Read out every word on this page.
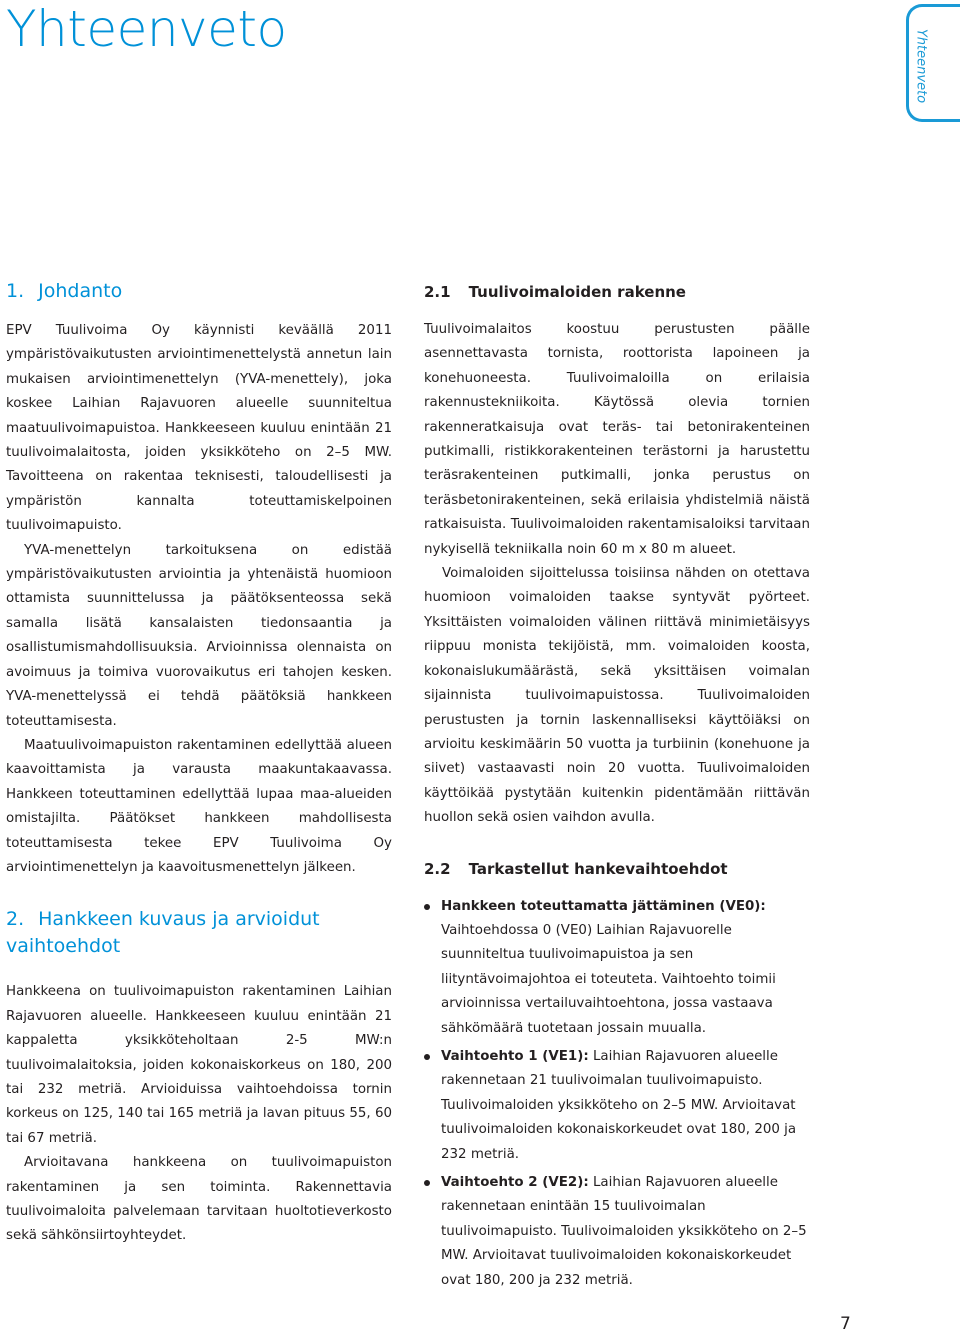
Yhteenveto	Yhteenveto
1. Johdanto

EPV Tuulivoima Oy käynnisti keväällä 2011 ympäristövaikutusten arviointimenettelystä annetun lain mukaisen arviointimenettelyn (YVA-menettely), joka koskee Laihian Rajavuoren alueelle suunniteltua maatuulivoimapuistoa. Hankkeeseen kuuluu enintään 21 tuulivoimalaitosta, joiden yksikköteho on 2–5 MW. Tavoitteena on rakentaa teknisesti, taloudellisesti ja ympäristön kannalta toteuttamiskelpoinen tuulivoimapuisto.

YVA-menettelyn tarkoituksena on edistää ympäristövaikutusten arviointia ja yhtenäistä huomioon ottamista suunnittelussa ja päätöksenteossa sekä samalla lisätä kansalaisten tiedonsaantia ja osallistumismahdollisuuksia. Arvioinnissa olennaista on avoimuus ja toimiva vuorovaikutus eri tahojen kesken. YVA-menettelyssä ei tehdä päätöksiä hankkeen toteuttamisesta.

Maatuulivoimapuiston rakentaminen edellyttää alueen kaavoittamista ja varausta maakuntakaavassa. Hankkeen toteuttaminen edellyttää lupaa maa-alueiden omistajilta. Päätökset hankkeen mahdollisesta toteuttamisesta tekee EPV Tuulivoima Oy arviointimenettelyn ja kaavoitusmenettelyn jälkeen.

2. Hankkeen kuvaus ja arvioidut vaihtoehdot

Hankkeena on tuulivoimapuiston rakentaminen Laihian Rajavuoren alueelle. Hankkeeseen kuuluu enintään 21 kappaletta yksikköteholtaan 2-5 MW:n tuulivoimalaitoksia, joiden kokonaiskorkeus on 180, 200 tai 232 metriä. Arvioiduissa vaihtoehdoissa tornin korkeus on 125, 140 tai 165 metriä ja lavan pituus 55, 60 tai 67 metriä.

Arvioitavana hankkeena on tuulivoimapuiston rakentaminen ja sen toiminta. Rakennettavia tuulivoimaloita palvelemaan tarvitaan huoltotieverkosto sekä sähkönsiirtoyhteydet.

2.1 Tuulivoimaloiden rakenne

Tuulivoimalaitos koostuu perustusten päälle asennettavasta tornista, roottorista lapoineen ja konehuoneesta. Tuulivoimaloilla on erilaisia rakennustekniikoita. Käytössä olevia tornien rakenneratkaisuja ovat teräs- tai betonirakenteinen putkimalli, ristikkorakenteinen terästorni ja harustettu teräsrakenteinen putkimalli, jonka perustus on teräsbetonirakenteinen, sekä erilaisia yhdistelmiä näistä ratkaisuista. Tuulivoimaloiden rakentamisaloiksi tarvitaan nykyisellä tekniikalla noin 60 m x 80 m alueet.

Voimaloiden sijoittelussa toisiinsa nähden on otettava huomioon voimaloiden taakse syntyvät pyörteet. Yksittäisten voimaloiden välinen riittävä minimietäisyys riippuu monista tekijöistä, mm. voimaloiden koosta, kokonaislukumäärästä, sekä yksittäisen voimalan sijainnista tuulivoimapuistossa. Tuulivoimaloiden perustusten ja tornin laskennalliseksi käyttöiäksi on arvioitu keskimäärin 50 vuotta ja turbiinin (konehuone ja siivet) vastaavasti noin 20 vuotta. Tuulivoimaloiden käyttöikää pystytään kuitenkin pidentämään riittävän huollon sekä osien vaihdon avulla.

2.2 Tarkastellut hankevaihtoehdot
Hankkeen toteuttamatta jättäminen (VE0):
Vaihtoehdossa 0 (VE0) Laihian Rajavuorelle suunniteltua tuulivoimapuistoa ja sen liityntävoimajohtoa ei toteuteta. Vaihtoehto toimii arvioinnissa vertailuvaihtoehtona, jossa vastaava sähkömäärä tuotetaan jossain muualla.
Vaihtoehto 1 (VE1): Laihian Rajavuoren alueelle rakennetaan 21 tuulivoimalan tuulivoimapuisto. Tuulivoimaloiden yksikköteho on 2–5 MW. Arvioitavat tuulivoimaloiden kokonaiskorkeudet ovat 180, 200 ja 232 metriä.
Vaihtoehto 2 (VE2): Laihian Rajavuoren alueelle rakennetaan enintään 15 tuulivoimalan tuulivoimapuisto. Tuulivoimaloiden yksikköteho on 2–5 MW. Arvioitavat tuulivoimaloiden kokonaiskorkeudet ovat 180, 200 ja 232 metriä.
7
